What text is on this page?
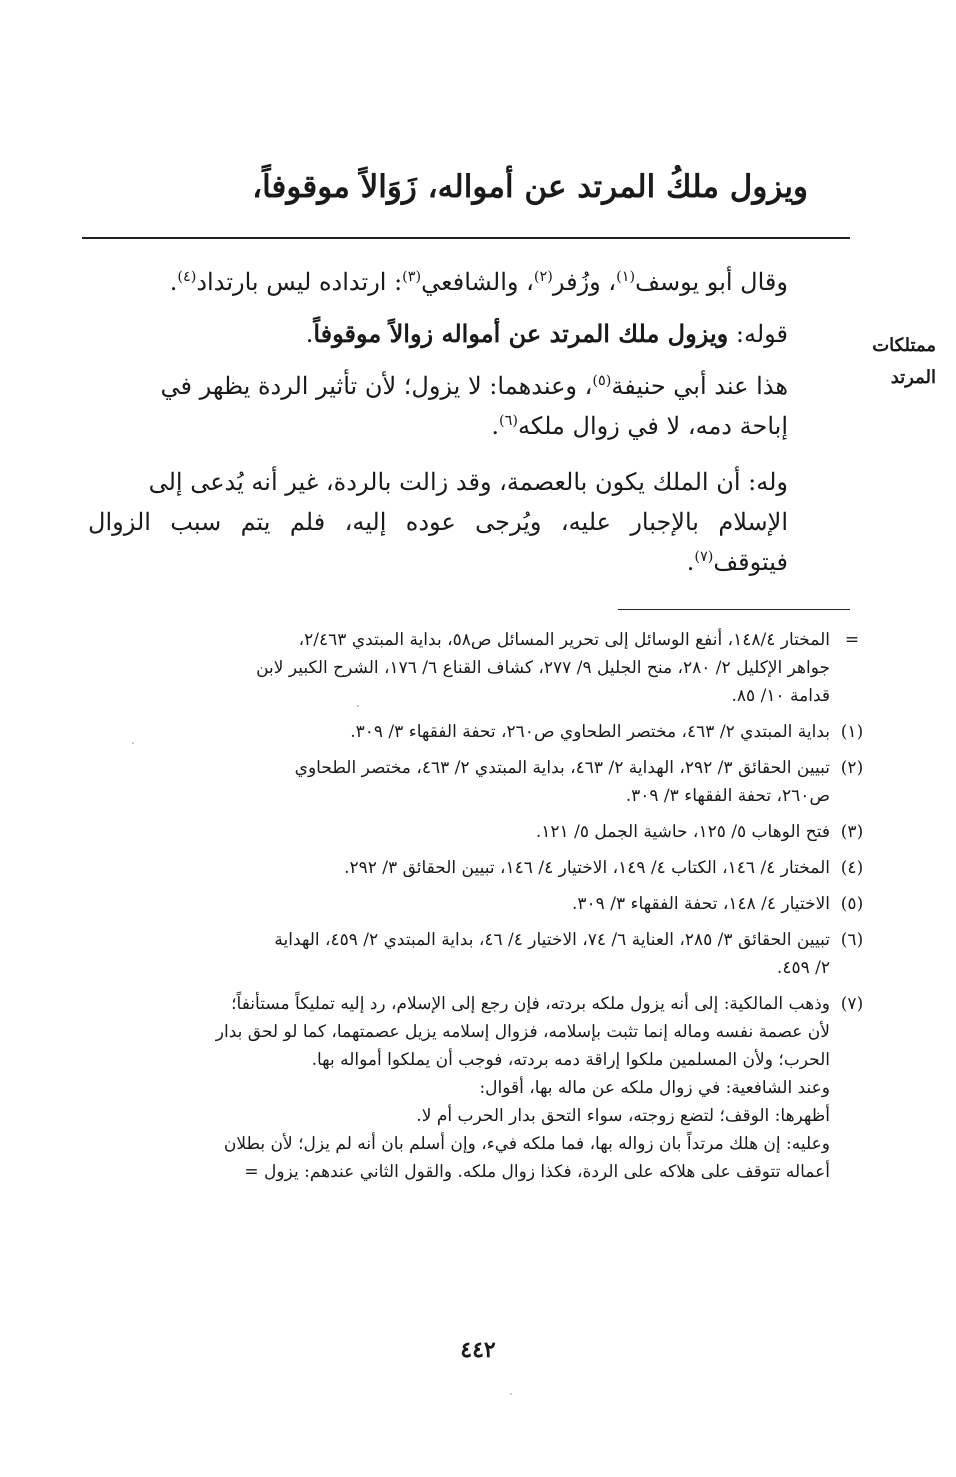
ويزول ملكُ المرتد عن أمواله، زَوَالاً موقوفاً،
ممتلكات
المرتد

وقال أبو يوسف$^{(١)}$، وزُفر$^{(٢)}$، والشافعي$^{(٣)}$: ارتداده ليس بارتداد$^{(٤)}$.

قوله: ويزول ملك المرتد عن أمواله زوالاً موقوفاً.

هذا عند أبي حنيفة$^{(٥)}$، وعندهما: لا يزول؛ لأن تأثير الردة يظهر في
إباحة دمه، لا في زوال ملكه$^{(٦)}$.

وله: أن الملك يكون بالعصمة، وقد زالت بالردة، غير أنه يُدعى إلى
الإسلام بالإجبار عليه، ويُرجى عوده إليه، فلم يتم سبب الزوال فيتوقف$^{(٧)}$.

=
المختار ١٤٨/٤، أنفع الوسائل إلى تحرير المسائل ص٥٨، بداية المبتدي ٢/٤٦٣،
جواهر الإكليل ٢/ ٢٨٠، منح الجليل ٩/ ٢٧٧، كشاف القناع ٦/ ١٧٦، الشرح الكبير لابن
قدامة ١٠/ ٨٥.
(١)
بداية المبتدي ٢/ ٤٦٣، مختصر الطحاوي ص٢٦٠، تحفة الفقهاء ٣/ ٣٠٩.
(٢)
تبيين الحقائق ٣/ ٢٩٢، الهداية ٢/ ٤٦٣، بداية المبتدي ٢/ ٤٦٣، مختصر الطحاوي
ص٢٦٠، تحفة الفقهاء ٣/ ٣٠٩.
(٣)
فتح الوهاب ٥/ ١٢٥، حاشية الجمل ٥/ ١٢١.
(٤)
المختار ٤/ ١٤٦، الكتاب ٤/ ١٤٩، الاختيار ٤/ ١٤٦، تبيين الحقائق ٣/ ٢٩٢.
(٥)
الاختيار ٤/ ١٤٨، تحفة الفقهاء ٣/ ٣٠٩.
(٦)
تبيين الحقائق ٣/ ٢٨٥، العناية ٦/ ٧٤، الاختيار ٤/ ٤٦، بداية المبتدي ٢/ ٤٥٩، الهداية
٢/ ٤٥٩.
(٧)
وذهب المالكية: إلى أنه يزول ملكه بردته، فإن رجع إلى الإسلام، رد إليه تمليكاً مستأنفاً؛
لأن عصمة نفسه وماله إنما تثبت بإسلامه، فزوال إسلامه يزيل عصمتهما، كما لو لحق بدار
الحرب؛ ولأن المسلمين ملكوا إراقة دمه بردته، فوجب أن يملكوا أمواله بها.
وعند الشافعية: في زوال ملكه عن ماله بها، أقوال:
أظهرها: الوقف؛ لتضع زوجته، سواء التحق بدار الحرب أم لا.
وعليه: إن هلك مرتداً بان زواله بها، فما ملكه فيء، وإن أسلم بان أنه لم يزل؛ لأن بطلان
أعماله تتوقف على هلاكه على الردة، فكذا زوال ملكه. والقول الثاني عندهم: يزول =
٤٤٢
